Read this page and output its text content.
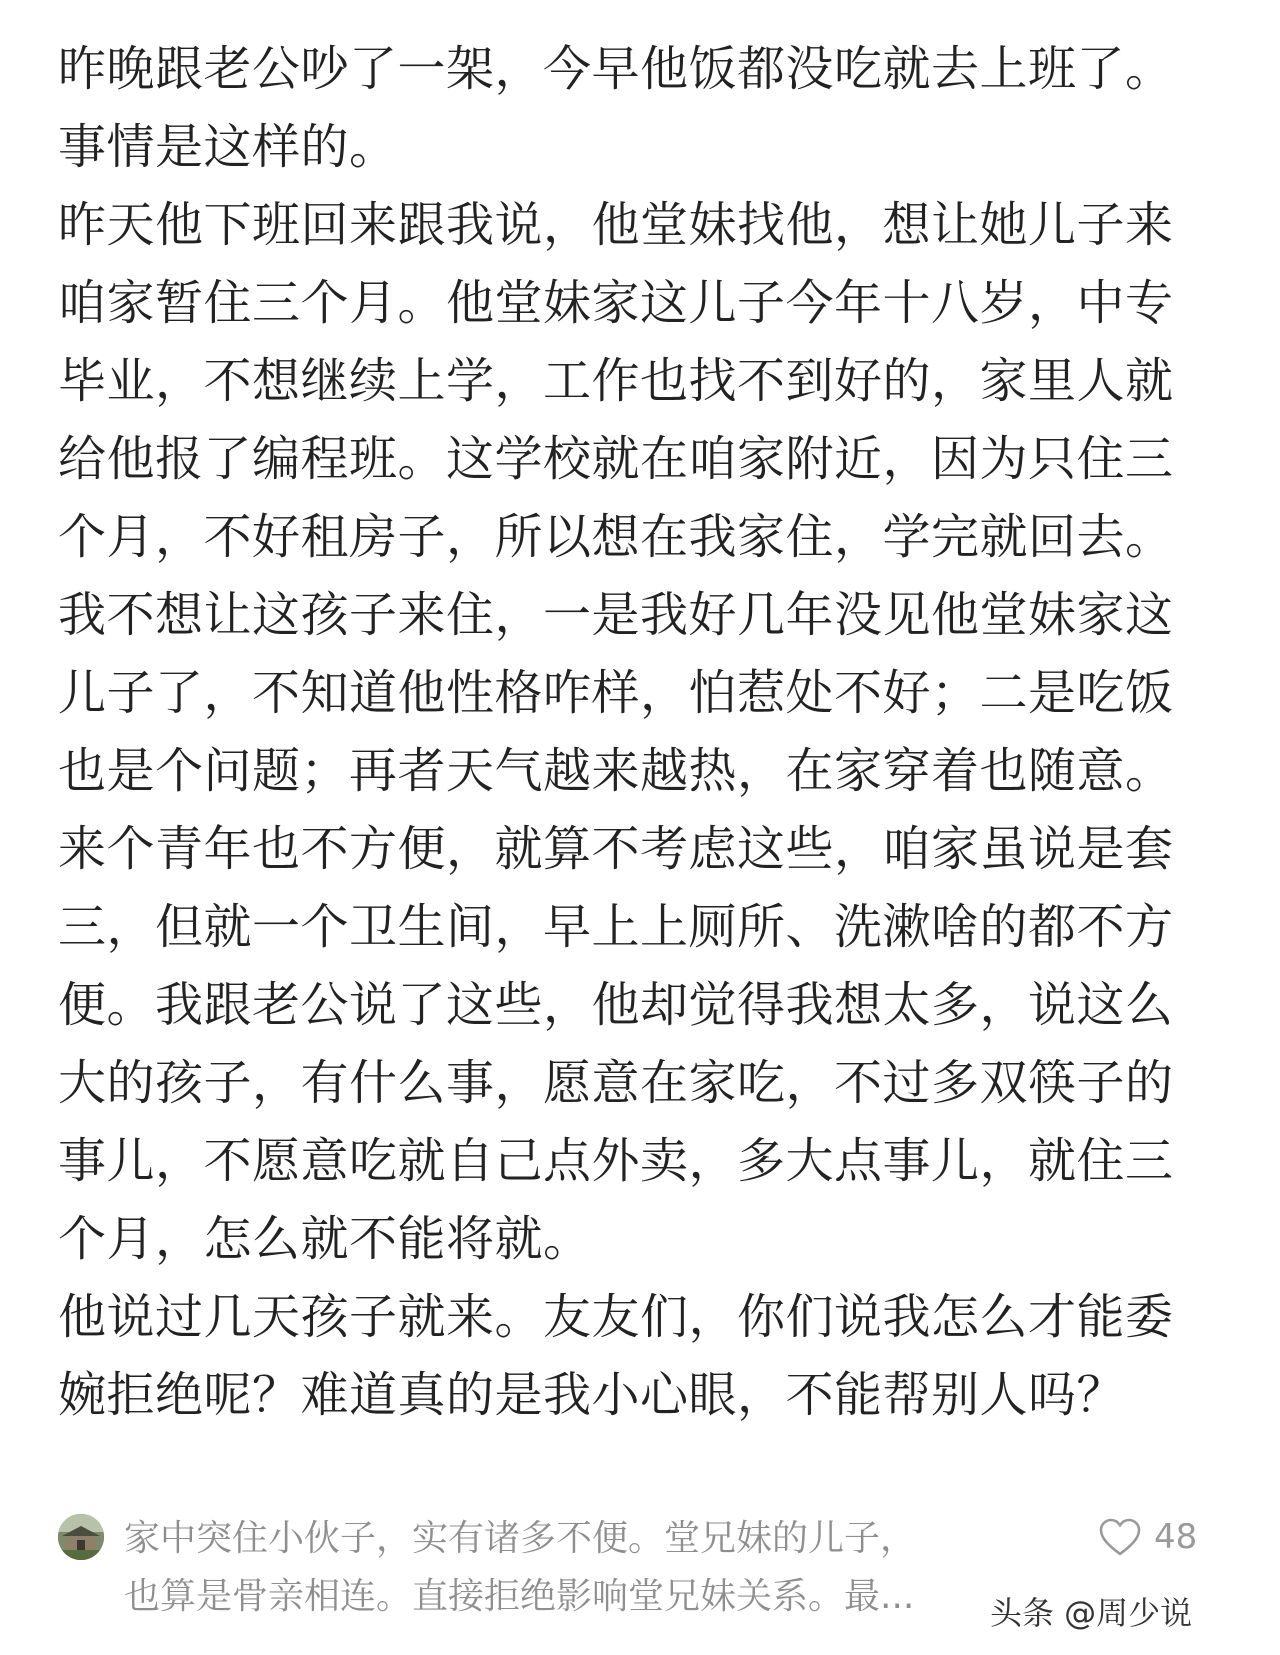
昨晚跟老公吵了一架，今早他饭都没吃就去上班了。
事情是这样的。
昨天他下班回来跟我说，他堂妹找他，想让她儿子来
咱家暂住三个月。他堂妹家这儿子今年十八岁，中专
毕业，不想继续上学，工作也找不到好的，家里人就
给他报了编程班。这学校就在咱家附近，因为只住三
个月，不好租房子，所以想在我家住，学完就回去。
我不想让这孩子来住，一是我好几年没见他堂妹家这
儿子了，不知道他性格咋样，怕惹处不好；二是吃饭
也是个问题；再者天气越来越热，在家穿着也随意。
来个青年也不方便，就算不考虑这些，咱家虽说是套
三，但就一个卫生间，早上上厕所、洗漱啥的都不方
便。我跟老公说了这些，他却觉得我想太多，说这么
大的孩子，有什么事，愿意在家吃，不过多双筷子的
事儿，不愿意吃就自己点外卖，多大点事儿，就住三
个月，怎么就不能将就。
他说过几天孩子就来。友友们，你们说我怎么才能委
婉拒绝呢？难道真的是我小心眼，不能帮别人吗？
家中突住小伙子，实有诸多不便。堂兄妹的儿子，
也算是骨亲相连。直接拒绝影响堂兄妹关系。最...
48
头条 @周少说
